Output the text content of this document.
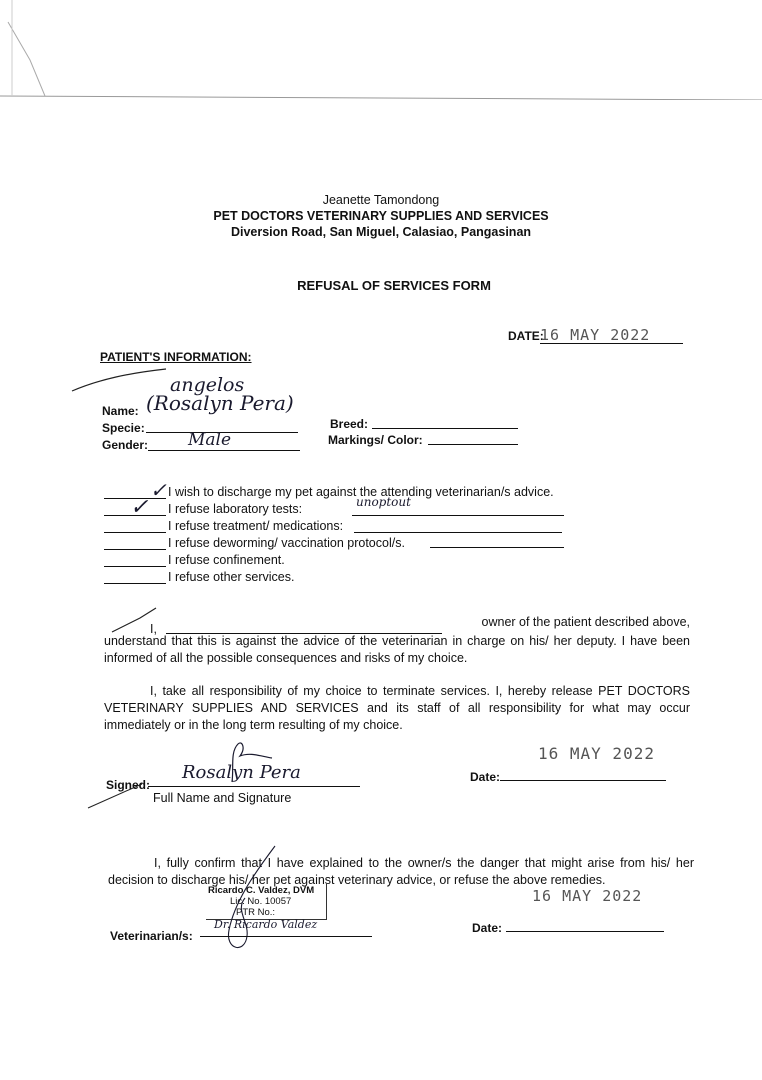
Jeanette Tamondong
PET DOCTORS VETERINARY SUPPLIES AND SERVICES
Diversion Road, San Miguel, Calasiao, Pangasinan
REFUSAL OF SERVICES FORM
DATE:
16 MAY 2022
PATIENT'S INFORMATION:
angelos
Name: (Rosalyn Pera)
Specie:
Gender: Male
Breed:
Markings/ Color:
✓ I wish to discharge my pet against the attending veterinarian/s advice.
✓ I refuse laboratory tests:	unoptout
I refuse treatment/ medications:
I refuse deworming/ vaccination protocol/s.
I refuse confinement.
I refuse other services.
I,	owner of the patient described above,

understand that this is against the advice of the veterinarian in charge on his/ her deputy. I have been informed of all the possible consequences and risks of my choice.

I, take all responsibility of my choice to terminate services. I, hereby release PET DOCTORS VETERINARY SUPPLIES AND SERVICES and its staff of all responsibility for what may occur immediately or in the long term resulting of my choice.

16 MAY 2022
Rosalyn Pera
Signed:
Full Name and Signature
Date:

I, fully confirm that I have explained to the owner/s the danger that might arise from his/ her decision to discharge his/ her pet against veterinary advice, or refuse the above remedies.

Ricardo C. Valdez, DVM
Lic. No. 10057
PTR No.:
16 MAY 2022
Veterinarian/s:
Dr. Ricardo Valdez	Date:
